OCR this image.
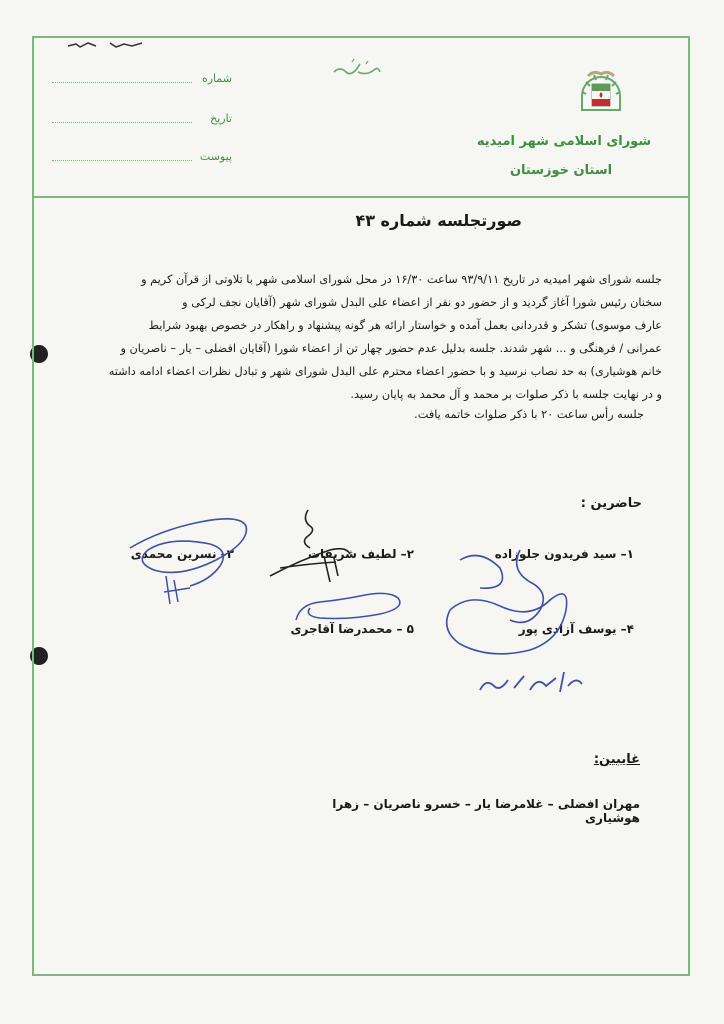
شماره
تاریخ
پیوست
شورای اسلامی شهر امیدیه
استان خوزستان
صورتجلسه شماره ۴۳
جلسه شورای شهر امیدیه در تاریخ ۹۳/۹/۱۱ ساعت ۱۶/۳۰ در محل شورای اسلامی شهر با تلاوتی از قرآن کریم و
سخنان رئیس شورا آغاز گردید و از حضور دو نفر از اعضاء علی البدل شورای شهر (آقایان نجف لرکی و
عارف موسوی) تشکر و قدردانی بعمل آمده و خواستار ارائه هر گونه پیشنهاد و راهکار در خصوص بهبود شرایط
عمرانی / فرهنگی و ... شهر شدند. جلسه بدلیل عدم حضور چهار تن از اعضاء شورا (آقایان افضلی – یار – ناصریان و
خانم هوشیاری) به حد نصاب نرسید و با حضور اعضاء محترم علی البدل شورای شهر و تبادل نظرات اعضاء ادامه داشته
و در نهایت جلسه با ذکر صلوات بر محمد و آل محمد به پایان رسید.
جلسه رأس ساعت ۲۰ با ذکر صلوات خاتمه یافت.
حاضرین :
۱– سید فریدون جلوزاده
۲– لطیف شریفات
۳– نسرین محمدی
۴– یوسف آزادی پور
۵ – محمدرضا آقاجری
غایبین:
مهران افضلی – غلامرضا یار – خسرو ناصریان – زهرا هوشیاری
